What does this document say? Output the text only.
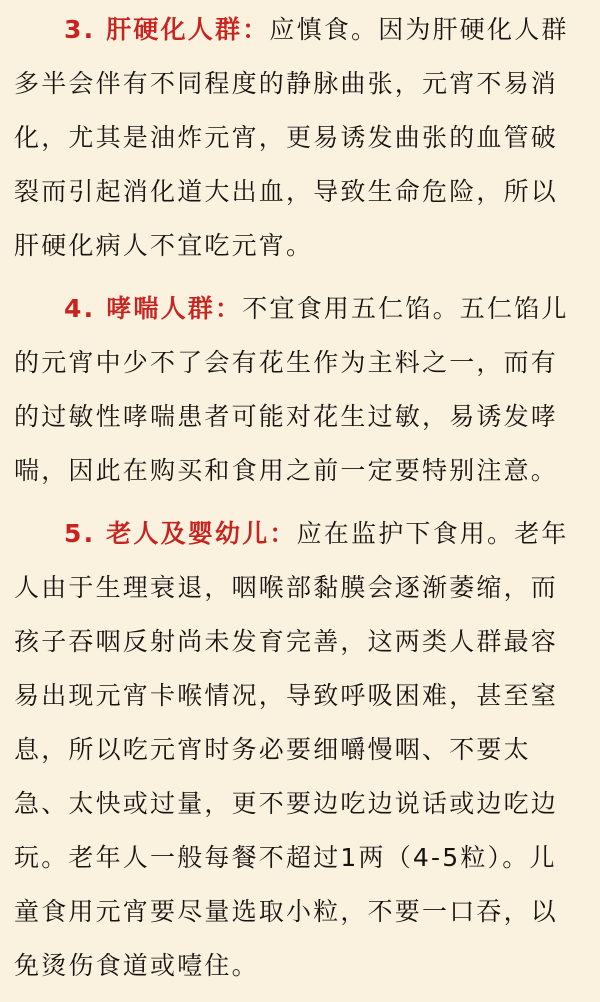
3. 肝硬化人群：应慎食。因为肝硬化人群
多半会伴有不同程度的静脉曲张，元宵不易消
化，尤其是油炸元宵，更易诱发曲张的血管破
裂而引起消化道大出血，导致生命危险，所以
肝硬化病人不宜吃元宵。
4. 哮喘人群：不宜食用五仁馅。五仁馅儿
的元宵中少不了会有花生作为主料之一，而有
的过敏性哮喘患者可能对花生过敏，易诱发哮
喘，因此在购买和食用之前一定要特别注意。
5. 老人及婴幼儿：应在监护下食用。老年
人由于生理衰退，咽喉部黏膜会逐渐萎缩，而
孩子吞咽反射尚未发育完善，这两类人群最容
易出现元宵卡喉情况，导致呼吸困难，甚至窒
息，所以吃元宵时务必要细嚼慢咽、不要太
急、太快或过量，更不要边吃边说话或边吃边
玩。老年人一般每餐不超过1两（4-5粒）。儿
童食用元宵要尽量选取小粒，不要一口吞，以
免烫伤食道或噎住。
